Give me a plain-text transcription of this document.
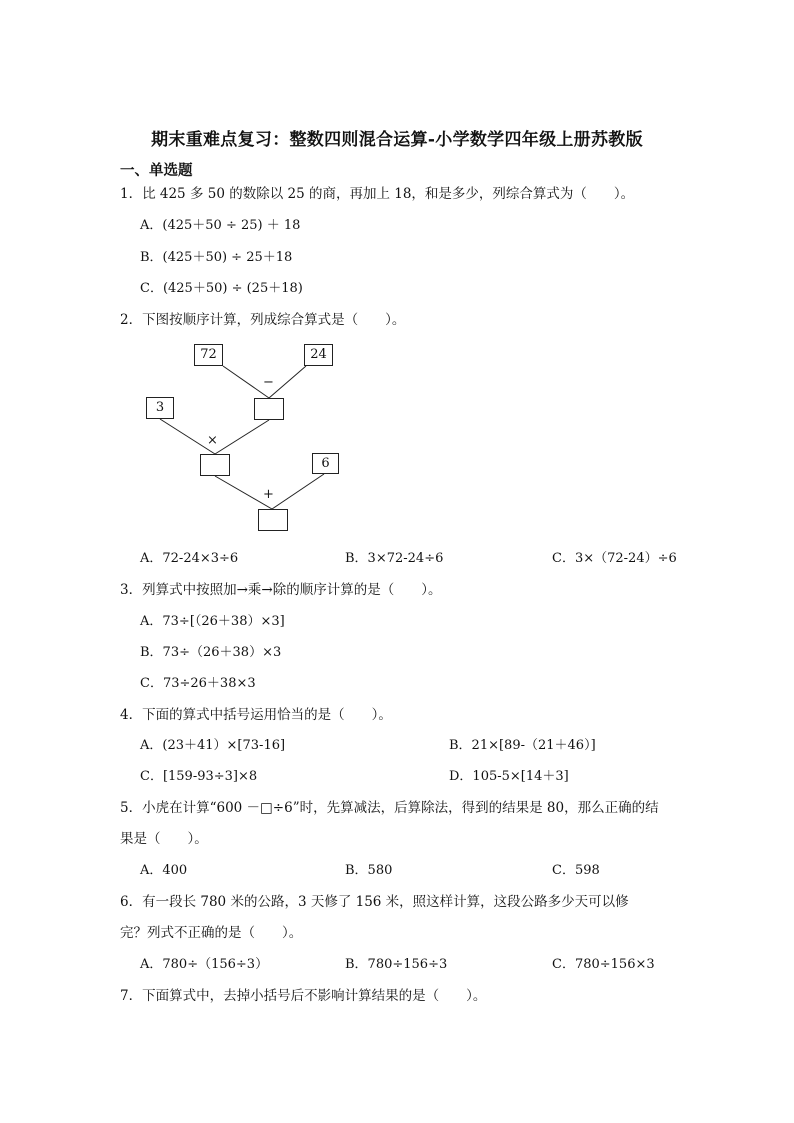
期末重难点复习：整数四则混合运算-小学数学四年级上册苏教版
一、单选题
1．比 425 多 50 的数除以 25 的商，再加上 18，和是多少，列综合算式为（　　）。
A．(425＋50 ÷ 25) ＋ 18
B．(425＋50) ÷ 25＋18
C．(425＋50) ÷ (25＋18)
2．下图按顺序计算，列成综合算式是（　　）。
72	24
−
3
×
6
+
A．72-24×3÷6	B．3×72-24÷6	C．3×（72-24）÷6
3．列算式中按照加→乘→除的顺序计算的是（　　）。
A．73÷[（26＋38）×3]
B．73÷（26＋38）×3
C．73÷26＋38×3
4．下面的算式中括号运用恰当的是（　　）。
A．(23＋41）×[73-16]	B．21×[89-（21＋46）]
C．[159-93÷3]×8	D．105-5×[14＋3]
5．小虎在计算“600 －□÷6”时，先算减法，后算除法，得到的结果是 80，那么正确的结
果是（　　）。
A．400	B．580	C．598
6．有一段长 780 米的公路，3 天修了 156 米，照这样计算，这段公路多少天可以修
完？列式不正确的是（　　）。
A．780÷（156÷3）	B．780÷156÷3	C．780÷156×3
7．下面算式中，去掉小括号后不影响计算结果的是（　　）。
